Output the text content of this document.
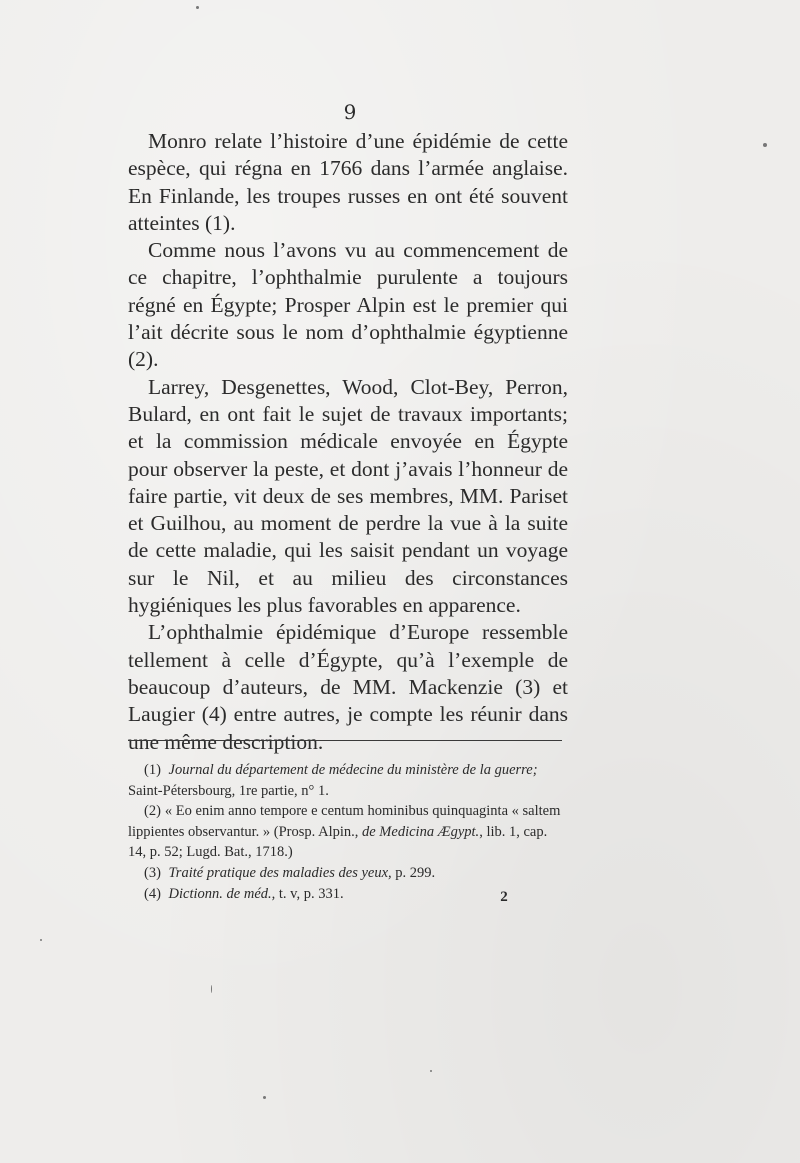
9

Monro relate l’histoire d’une épidémie de cette espèce, qui régna en 1766 dans l’armée anglaise. En Finlande, les troupes russes en ont été souvent atteintes (1).

Comme nous l’avons vu au commencement de ce chapitre, l’ophthalmie purulente a toujours régné en Égypte; Prosper Alpin est le premier qui l’ait décrite sous le nom d’ophthalmie égyptienne (2).

Larrey, Desgenettes, Wood, Clot-Bey, Perron, Bulard, en ont fait le sujet de travaux importants; et la commission médicale envoyée en Égypte pour observer la peste, et dont j’avais l’honneur de faire partie, vit deux de ses membres, MM. Pariset et Guilhou, au moment de perdre la vue à la suite de cette maladie, qui les saisit pendant un voyage sur le Nil, et au milieu des circonstances hygiéniques les plus favorables en apparence.

L’ophthalmie épidémique d’Europe ressemble tellement à celle d’Égypte, qu’à l’exemple de beaucoup d’auteurs, de MM. Mackenzie (3) et Laugier (4) entre autres, je compte les réunir dans une même description.

(1) Journal du département de médecine du ministère de la guerre; Saint-Pétersbourg, 1re partie, n° 1.

(2) « Eo enim anno tempore e centum hominibus quinquaginta « saltem lippientes observantur. » (Prosp. Alpin., de Medicina Ægypt., lib. 1, cap. 14, p. 52; Lugd. Bat., 1718.)

(3) Traité pratique des maladies des yeux, p. 299.

(4) Dictionn. de méd., t. v, p. 331.	2
